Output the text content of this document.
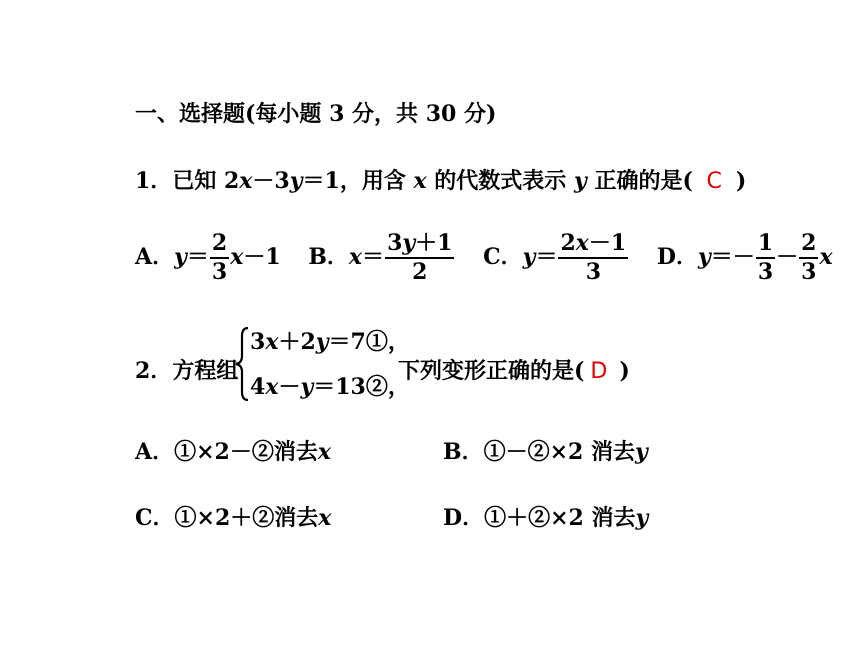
一、选择题(每小题 3 分，共 30 分)
1．已知 2x－3y＝1，用含 x 的代数式表示 y 正确的是( C )
A．$y= \frac{2}{3} x-1$ B．$x= \frac{3y+1}{2}$ C．$y= \frac{2x-1}{3}$ D．$y=- \frac{1}{3} - \frac{2}{3}$ x
2．方程组
3x＋2y＝7①，
4x－y＝13②，
下列变形正确的是( D )
A．①×2－②消去x	B．①－②×2 消去y
C．①×2＋②消去x	D．①＋②×2 消去y
